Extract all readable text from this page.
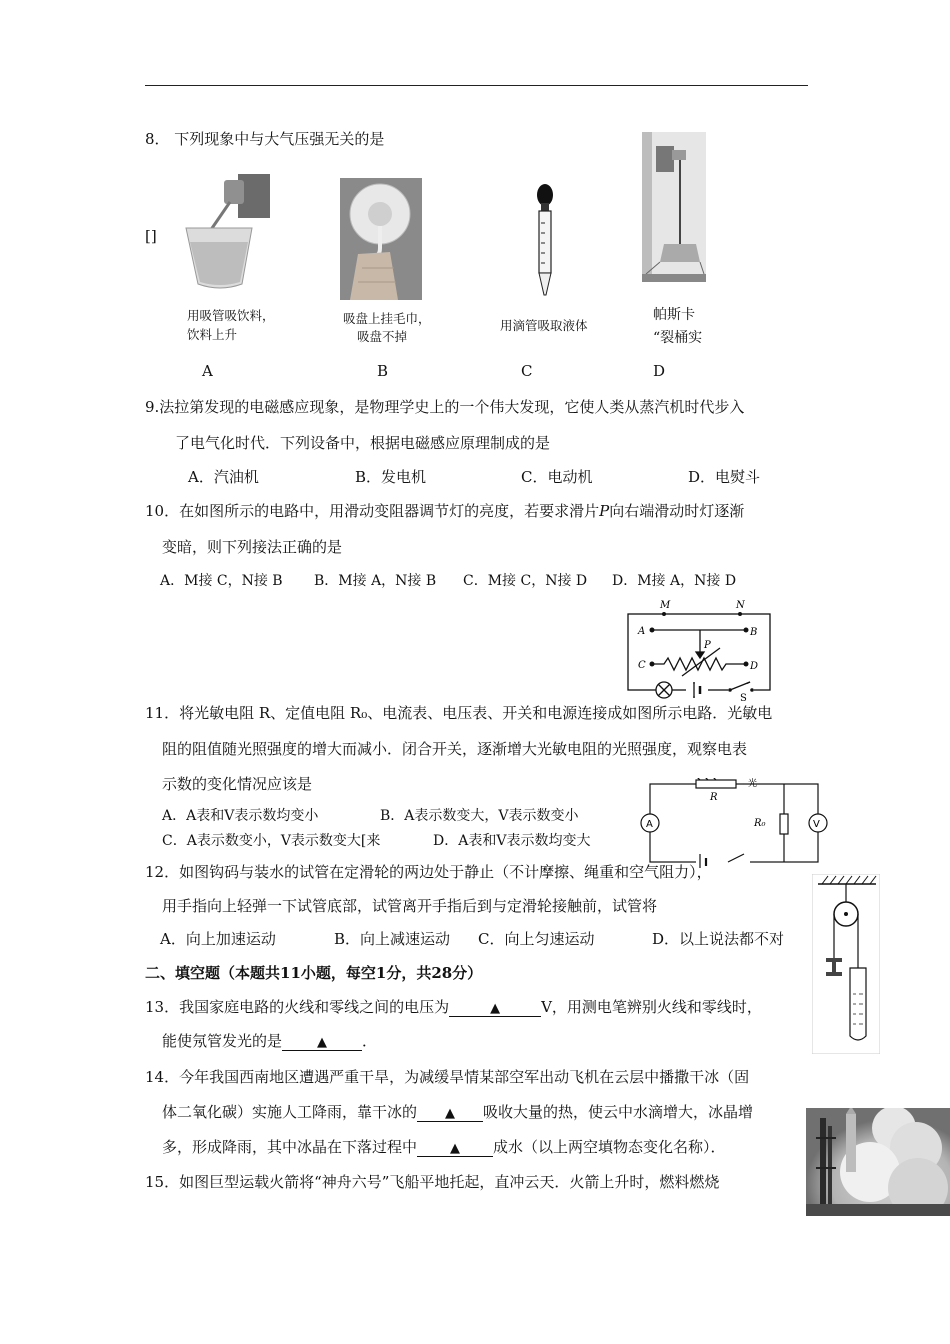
8． 下列现象中与大气压强无关的是
[]
用吸管吸饮料，
饮料上升
A
吸盘上挂毛巾，
吸盘不掉
B
用滴管吸取液体
C
帕斯卡
“裂桶实
D
9.法拉第发现的电磁感应现象，是物理学史上的一个伟大发现，它使人类从蒸汽机时代步入
了电气化时代．下列设备中，根据电磁感应原理制成的是
A．汽油机	B．发电机	C．电动机	D．电熨斗
10．在如图所示的电路中，用滑动变阻器调节灯的亮度，若要求滑片P向右端滑动时灯逐渐
变暗，则下列接法正确的是
A．M接 C，N接 B B．M接 A，N接 B C．M接 C，N接 D D．M接 A，N接 D
M	N
A	B
P
C	D
S
11．将光敏电阻 R、定值电阻 R₀、电流表、电压表、开关和电源连接成如图所示电路．光敏电
阻的阻值随光照强度的增大而减小．闭合开关，逐渐增大光敏电阻的光照强度，观察电表
示数的变化情况应该是
A．A表和V表示数均变小	B．A表示数变大，V表示数变小
C．A表示数变小，V表示数变大[来	D．A表和V表示数均变大
光
R
R₀
A	V
12．如图钩码与装水的试管在定滑轮的两边处于静止（不计摩擦、绳重和空气阻力），
用手指向上轻弹一下试管底部，试管离开手指后到与定滑轮接触前，试管将
A．向上加速运动	B．向上减速运动 C．向上匀速运动	D．以上说法都不对
二、填空题（本题共11小题，每空1分，共28分）
13．我国家庭电路的火线和零线之间的电压为	▲	V，用测电笔辨别火线和零线时，
能使氖管发光的是	▲ ．
14．今年我国西南地区遭遇严重干旱，为减缓旱情某部空军出动飞机在云层中播撒干冰（固
体二氧化碳）实施人工降雨，靠干冰的 ▲ 吸收大量的热，使云中水滴增大，冰晶增
多，形成降雨，其中冰晶在下落过程中	▲ 成水（以上两空填物态变化名称）．
15．如图巨型运载火箭将“神舟六号”飞船平地托起，直冲云天．火箭上升时，燃料燃烧
